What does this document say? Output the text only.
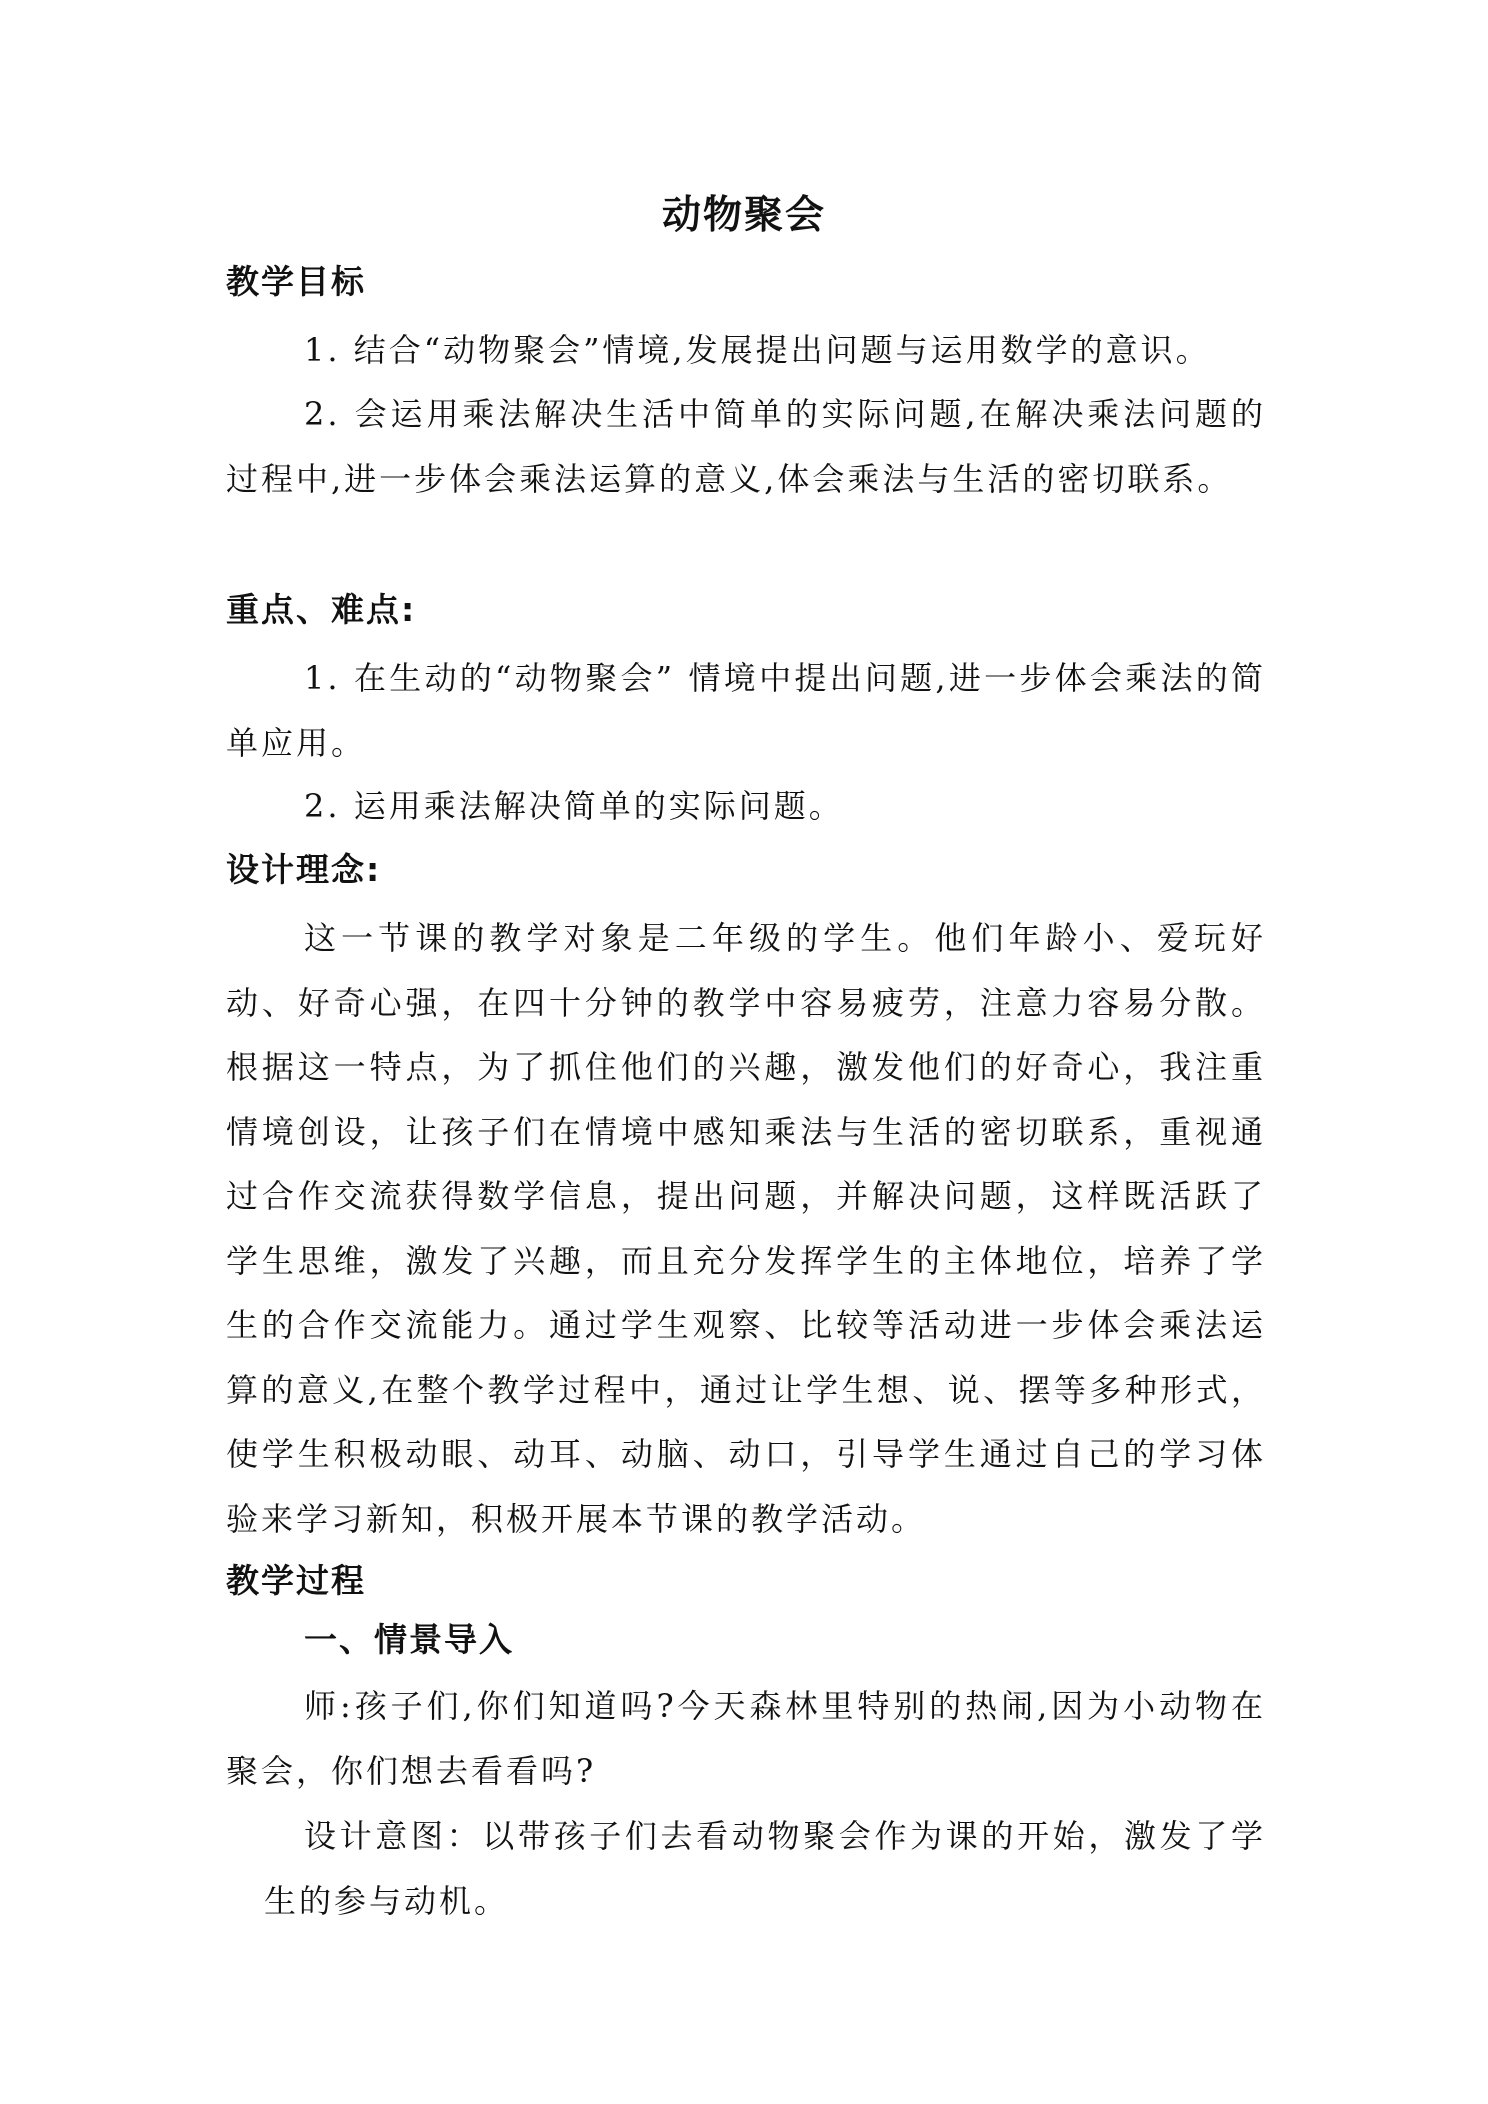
动物聚会
教学目标
1. 结合“动物聚会”情境,发展提出问题与运用数学的意识。
2. 会运用乘法解决生活中简单的实际问题,在解决乘法问题的过程中,进一步体会乘法运算的意义,体会乘法与生活的密切联系。
重点、难点:
1. 在生动的“动物聚会” 情境中提出问题,进一步体会乘法的简单应用。
2. 运用乘法解决简单的实际问题。
设计理念:
这一节课的教学对象是二年级的学生。他们年龄小、爱玩好动、好奇心强，在四十分钟的教学中容易疲劳，注意力容易分散。根据这一特点，为了抓住他们的兴趣，激发他们的好奇心，我注重情境创设，让孩子们在情境中感知乘法与生活的密切联系，重视通过合作交流获得数学信息，提出问题，并解决问题，这样既活跃了学生思维，激发了兴趣，而且充分发挥学生的主体地位，培养了学生的合作交流能力。通过学生观察、比较等活动进一步体会乘法运算的意义,在整个教学过程中，通过让学生想、说、摆等多种形式，使学生积极动眼、动耳、动脑、动口，引导学生通过自己的学习体验来学习新知，积极开展本节课的教学活动。
教学过程
一、情景导入
师:孩子们,你们知道吗?今天森林里特别的热闹,因为小动物在聚会，你们想去看看吗?
设计意图：以带孩子们去看动物聚会作为课的开始，激发了学生的参与动机。
